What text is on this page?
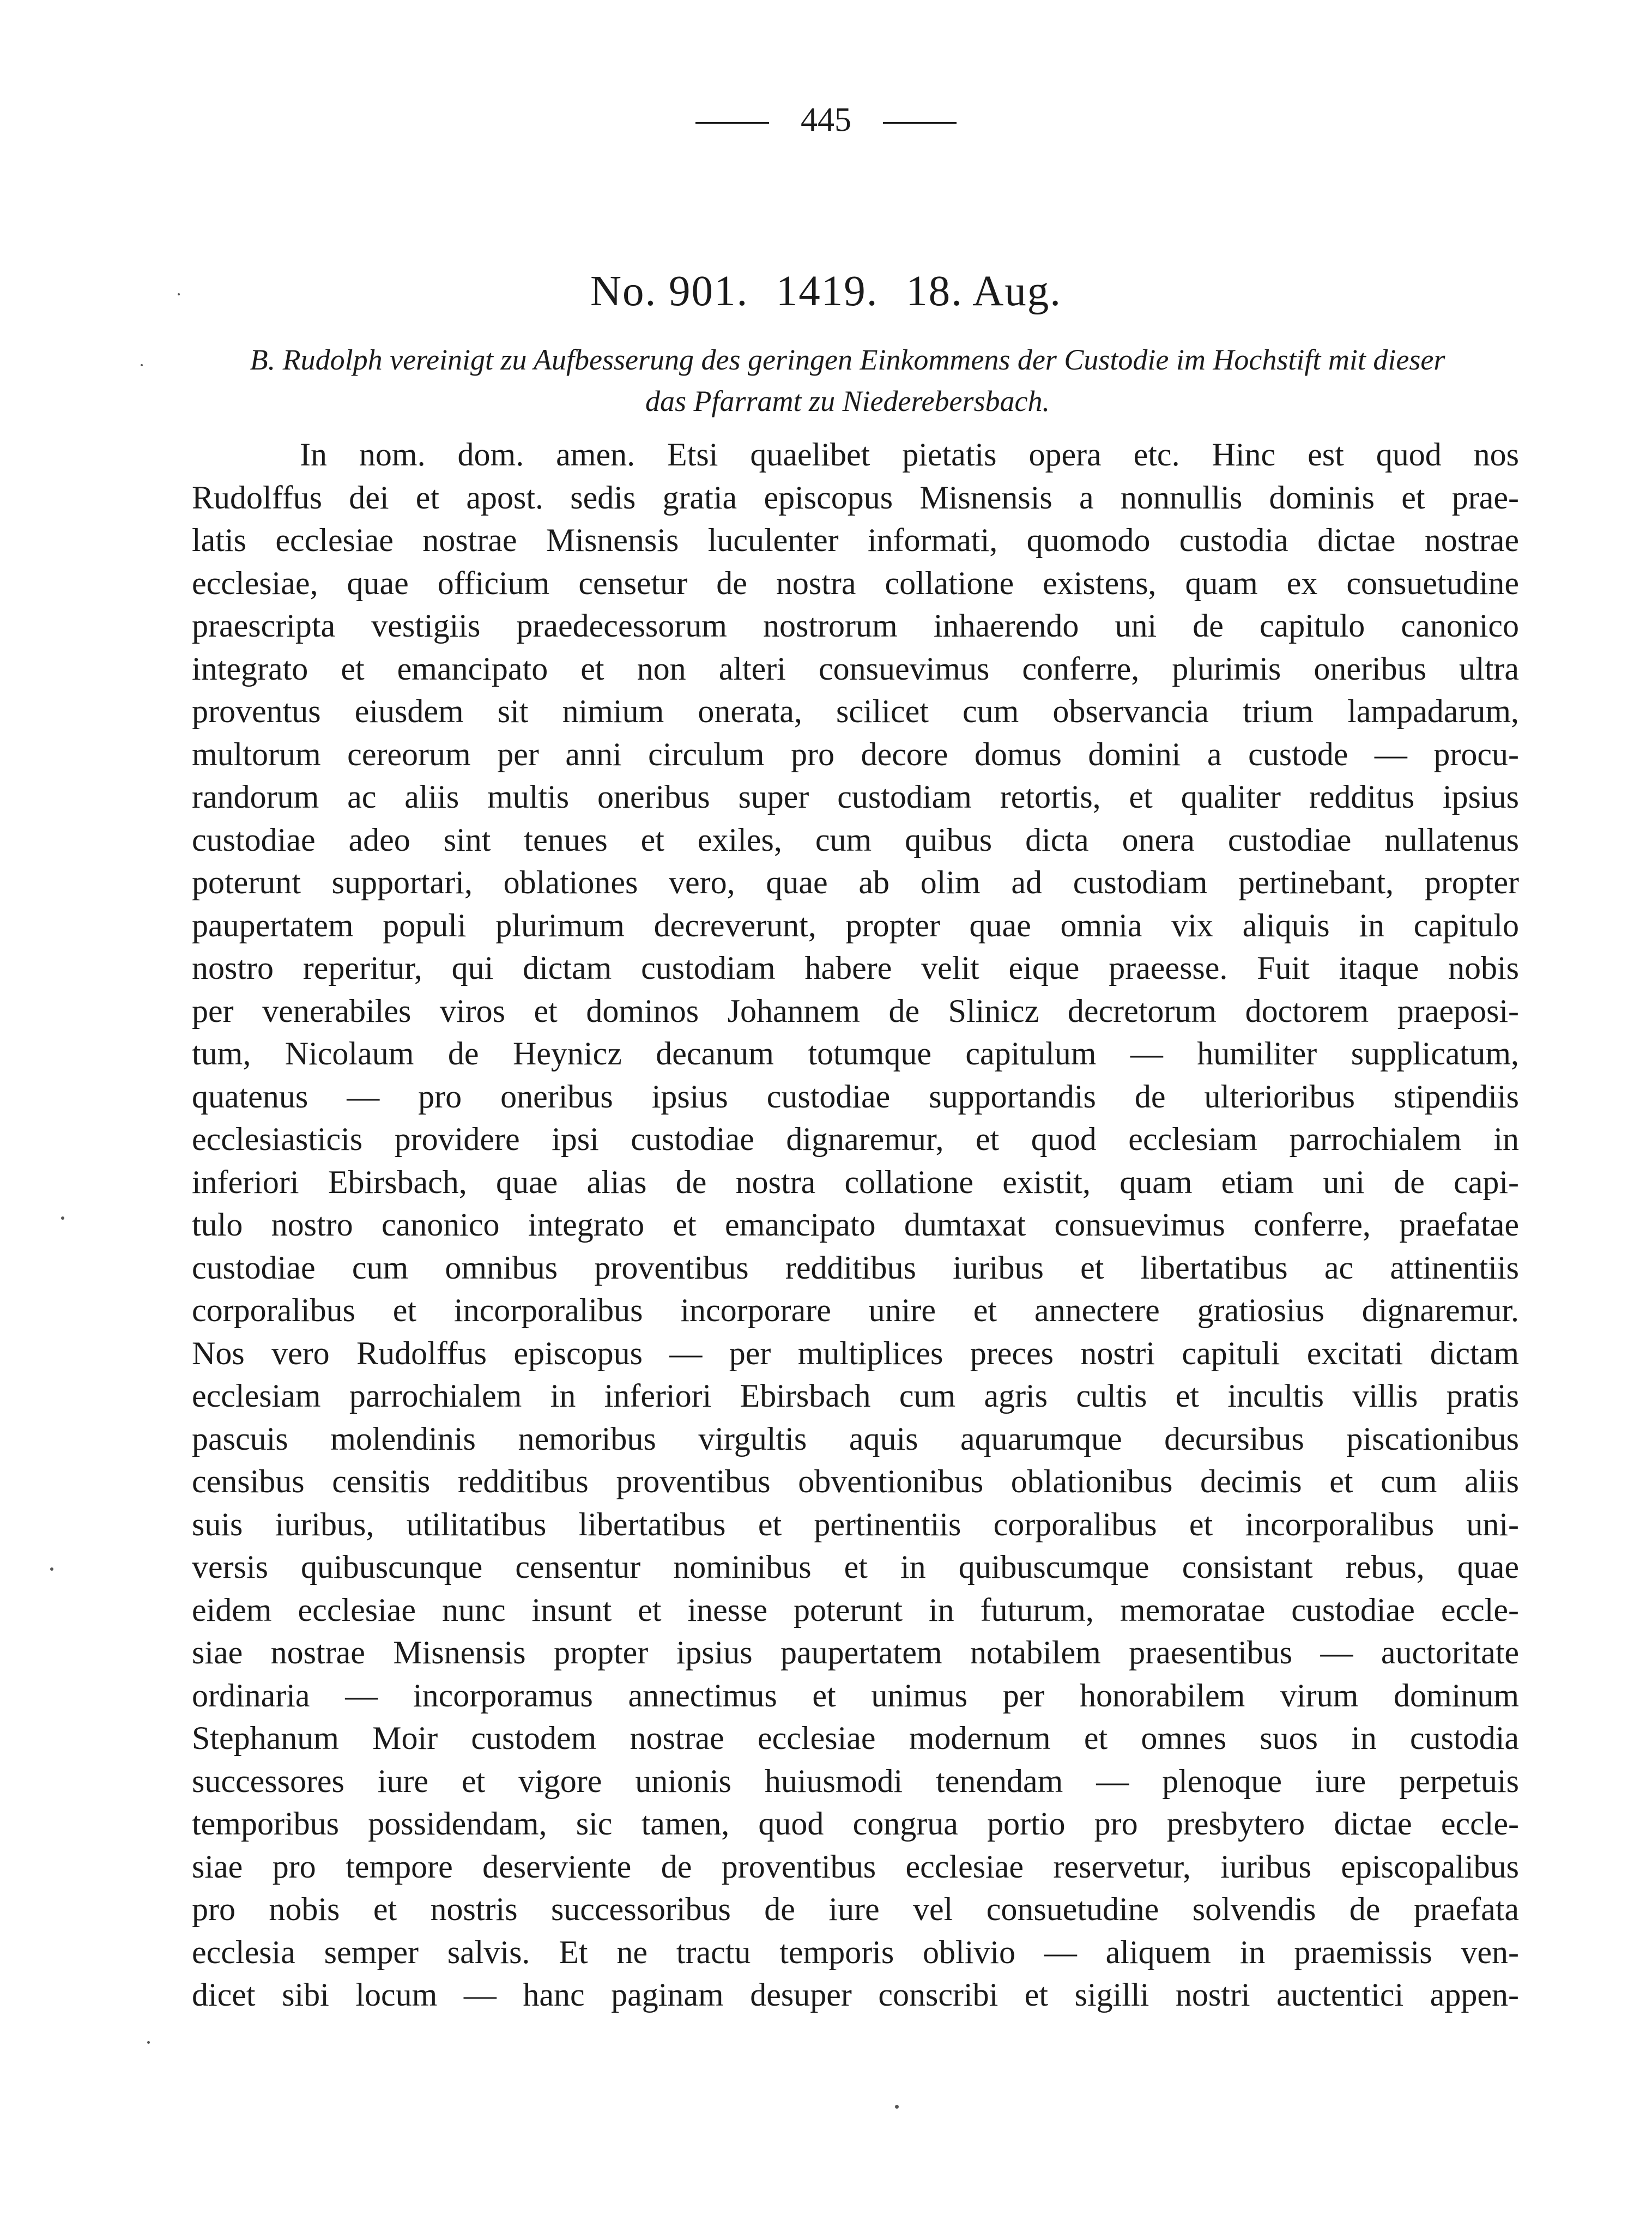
445
No. 901. 1419. 18. Aug.
B. Rudolph vereinigt zu Aufbesserung des geringen Einkommens der Custodie im Hochstift mit dieser
das Pfarramt zu Niederebersbach.
In nom. dom. amen. Etsi quaelibet pietatis opera etc. Hinc est quod nos
Rudolffus dei et apost. sedis gratia episcopus Misnensis a nonnullis dominis et prae-
latis ecclesiae nostrae Misnensis luculenter informati, quomodo custodia dictae nostrae
ecclesiae, quae officium censetur de nostra collatione existens, quam ex consuetudine
praescripta vestigiis praedecessorum nostrorum inhaerendo uni de capitulo canonico
integrato et emancipato et non alteri consuevimus conferre, plurimis oneribus ultra
proventus eiusdem sit nimium onerata, scilicet cum observancia trium lampadarum,
multorum cereorum per anni circulum pro decore domus domini a custode — procu-
randorum ac aliis multis oneribus super custodiam retortis, et qualiter redditus ipsius
custodiae adeo sint tenues et exiles, cum quibus dicta onera custodiae nullatenus
poterunt supportari, oblationes vero, quae ab olim ad custodiam pertinebant, propter
paupertatem populi plurimum decreverunt, propter quae omnia vix aliquis in capitulo
nostro reperitur, qui dictam custodiam habere velit eique praeesse. Fuit itaque nobis
per venerabiles viros et dominos Johannem de Slinicz decretorum doctorem praeposi-
tum, Nicolaum de Heynicz decanum totumque capitulum — humiliter supplicatum,
quatenus — pro oneribus ipsius custodiae supportandis de ulterioribus stipendiis
ecclesiasticis providere ipsi custodiae dignaremur, et quod ecclesiam parrochialem in
inferiori Ebirsbach, quae alias de nostra collatione existit, quam etiam uni de capi-
tulo nostro canonico integrato et emancipato dumtaxat consuevimus conferre, praefatae
custodiae cum omnibus proventibus redditibus iuribus et libertatibus ac attinentiis
corporalibus et incorporalibus incorporare unire et annectere gratiosius dignaremur.
Nos vero Rudolffus episcopus — per multiplices preces nostri capituli excitati dictam
ecclesiam parrochialem in inferiori Ebirsbach cum agris cultis et incultis villis pratis
pascuis molendinis nemoribus virgultis aquis aquarumque decursibus piscationibus
censibus censitis redditibus proventibus obventionibus oblationibus decimis et cum aliis
suis iuribus, utilitatibus libertatibus et pertinentiis corporalibus et incorporalibus uni-
versis quibuscunque censentur nominibus et in quibuscumque consistant rebus, quae
eidem ecclesiae nunc insunt et inesse poterunt in futurum, memoratae custodiae eccle-
siae nostrae Misnensis propter ipsius paupertatem notabilem praesentibus — auctoritate
ordinaria — incorporamus annectimus et unimus per honorabilem virum dominum
Stephanum Moir custodem nostrae ecclesiae modernum et omnes suos in custodia
successores iure et vigore unionis huiusmodi tenendam — plenoque iure perpetuis
temporibus possidendam, sic tamen, quod congrua portio pro presbytero dictae eccle-
siae pro tempore deserviente de proventibus ecclesiae reservetur, iuribus episcopalibus
pro nobis et nostris successoribus de iure vel consuetudine solvendis de praefata
ecclesia semper salvis. Et ne tractu temporis oblivio — aliquem in praemissis ven-
dicet sibi locum — hanc paginam desuper conscribi et sigilli nostri auctentici appen-
